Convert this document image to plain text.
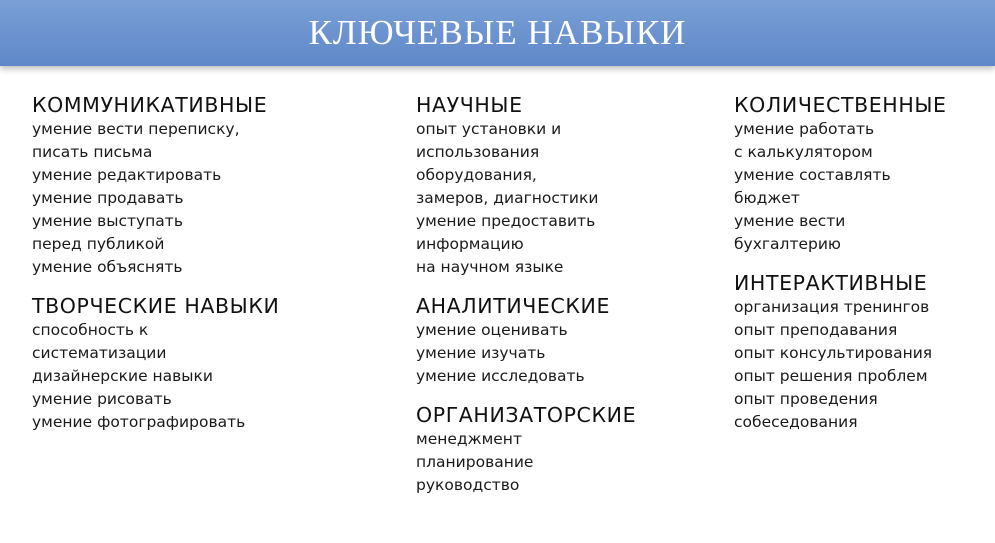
КЛЮЧЕВЫЕ НАВЫКИ
КОММУНИКАТИВНЫЕ
умение вести переписку,
писать письма
умение редактировать
умение продавать
умение выступать
перед публикой
умение объяснять
ТВОРЧЕСКИЕ НАВЫКИ
способность к
систематизации
дизайнерские навыки
умение рисовать
умение фотографировать
НАУЧНЫЕ
опыт установки и
использования
оборудования,
замеров, диагностики
умение предоставить
информацию
на научном языке
АНАЛИТИЧЕСКИЕ
умение оценивать
умение изучать
умение исследовать
ОРГАНИЗАТОРСКИЕ
менеджмент
планирование
руководство
КОЛИЧЕСТВЕННЫЕ
умение работать
с калькулятором
умение составлять
бюджет
умение вести
бухгалтерию
ИНТЕРАКТИВНЫЕ
организация тренингов
опыт преподавания
опыт консультирования
опыт решения проблем
опыт проведения
собеседования
